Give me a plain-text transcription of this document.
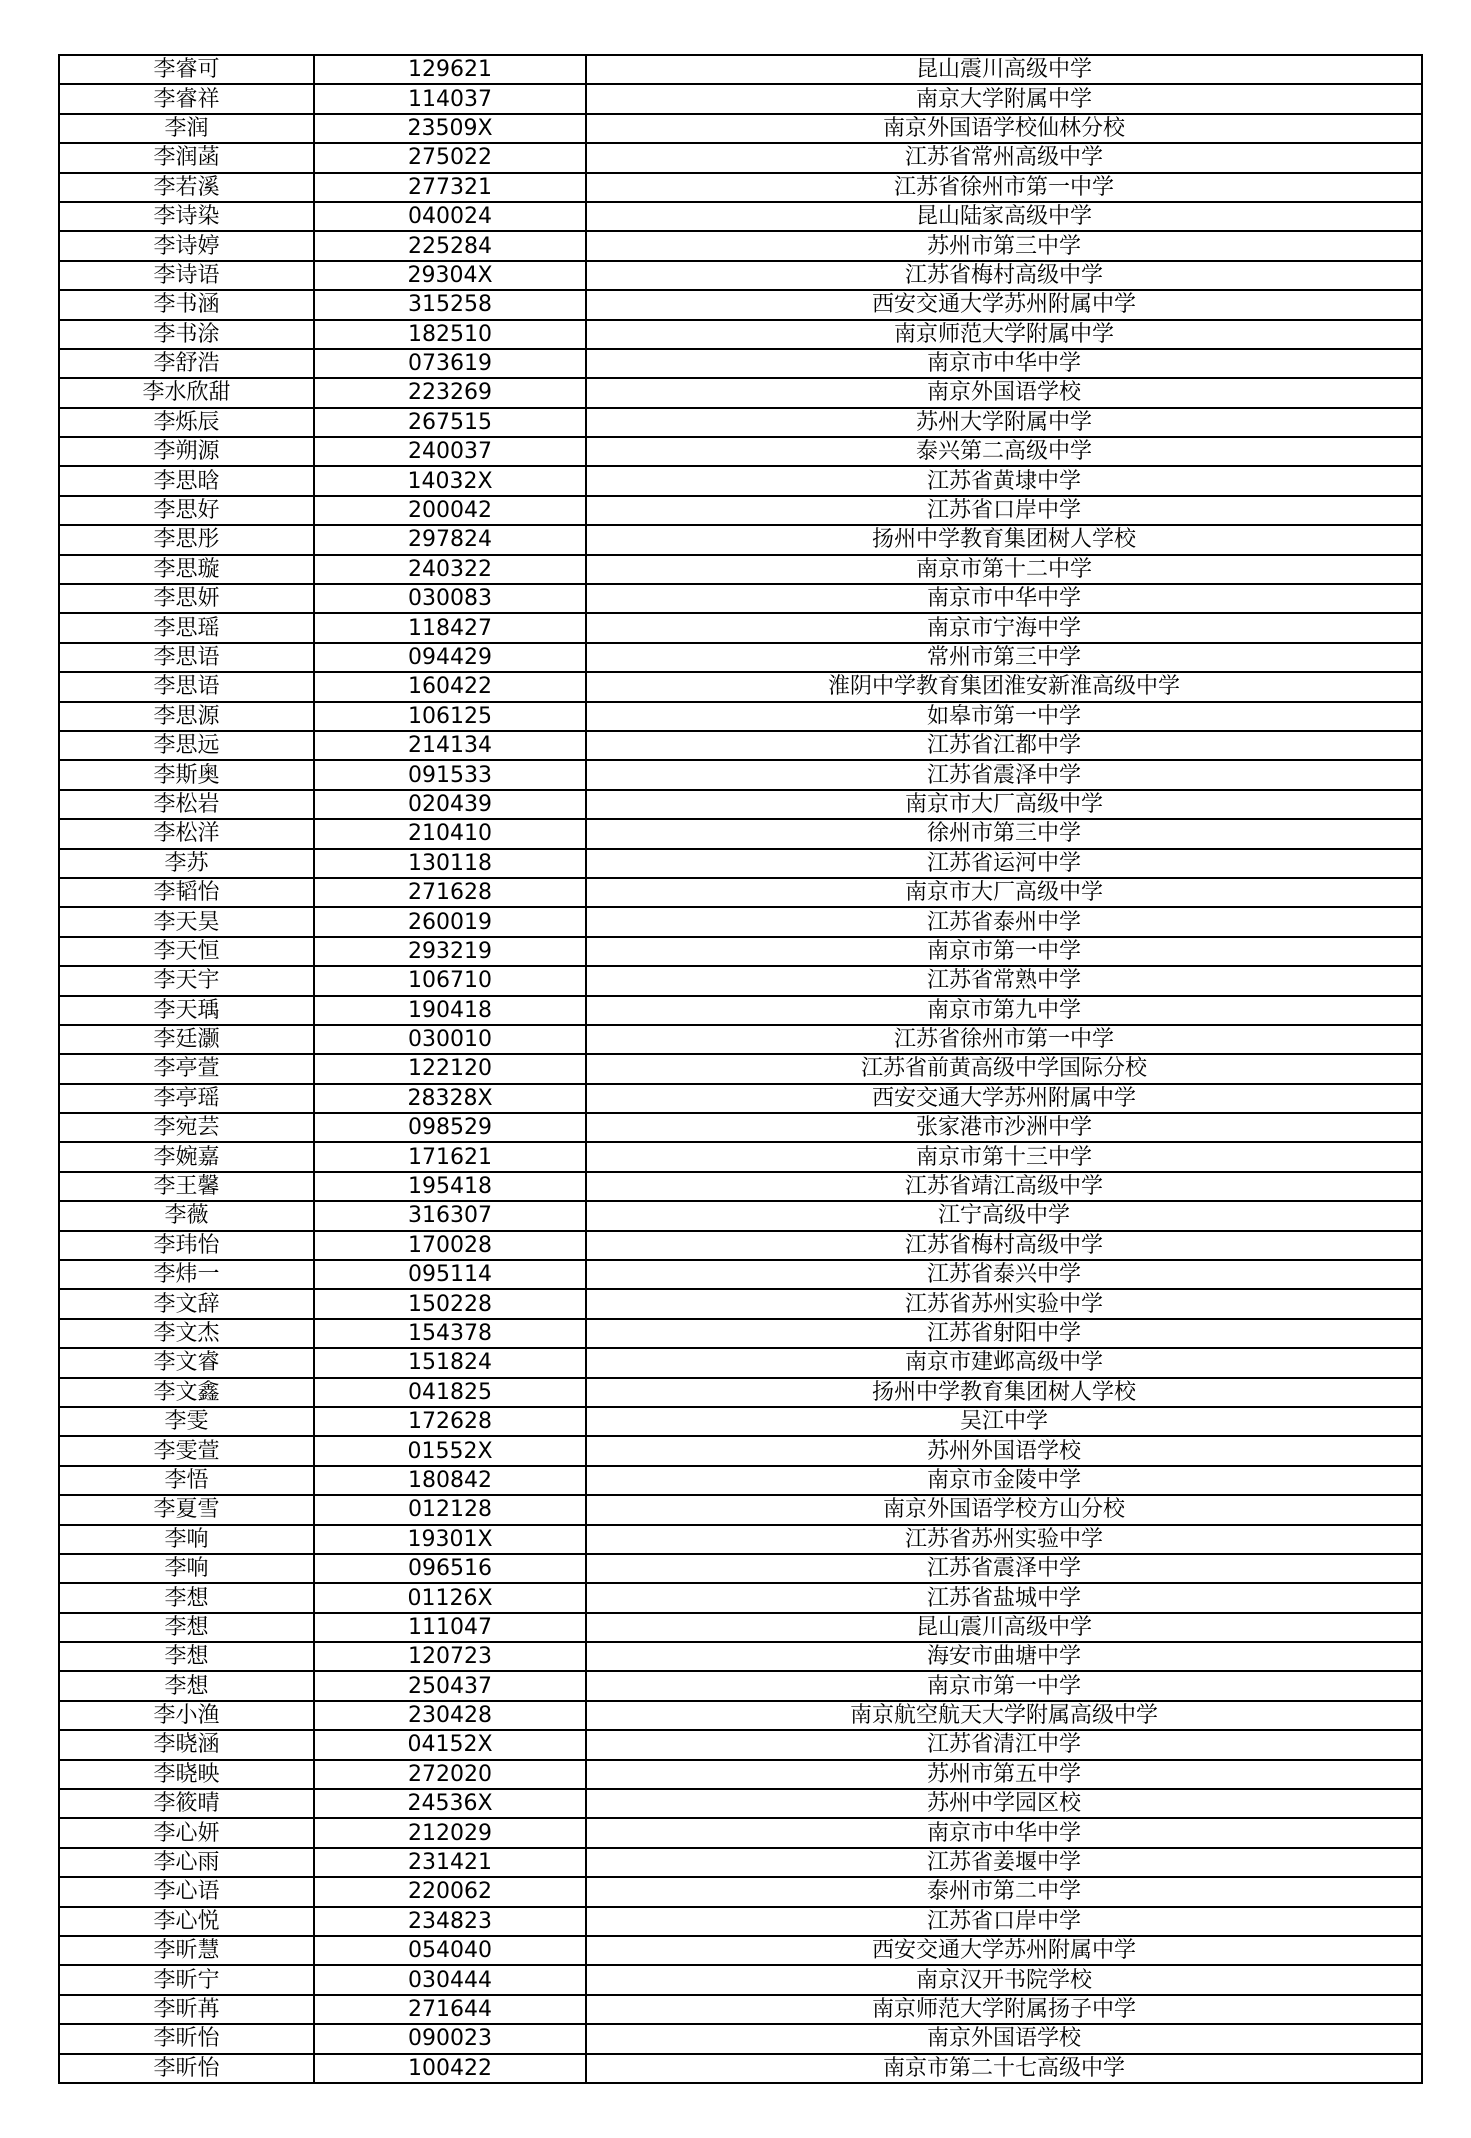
李睿可	129621	昆山震川高级中学
李睿祥	114037	南京大学附属中学
李润	23509X	南京外国语学校仙林分校
李润菡	275022	江苏省常州高级中学
李若溪	277321	江苏省徐州市第一中学
李诗染	040024	昆山陆家高级中学
李诗婷	225284	苏州市第三中学
李诗语	29304X	江苏省梅村高级中学
李书涵	315258	西安交通大学苏州附属中学
李书涂	182510	南京师范大学附属中学
李舒浩	073619	南京市中华中学
李水欣甜	223269	南京外国语学校
李烁辰	267515	苏州大学附属中学
李朔源	240037	泰兴第二高级中学
李思晗	14032X	江苏省黄埭中学
李思好	200042	江苏省口岸中学
李思彤	297824	扬州中学教育集团树人学校
李思璇	240322	南京市第十二中学
李思妍	030083	南京市中华中学
李思瑶	118427	南京市宁海中学
李思语	094429	常州市第三中学
李思语	160422	淮阴中学教育集团淮安新淮高级中学
李思源	106125	如皋市第一中学
李思远	214134	江苏省江都中学
李斯奥	091533	江苏省震泽中学
李松岩	020439	南京市大厂高级中学
李松洋	210410	徐州市第三中学
李苏	130118	江苏省运河中学
李韬怡	271628	南京市大厂高级中学
李天昊	260019	江苏省泰州中学
李天恒	293219	南京市第一中学
李天宇	106710	江苏省常熟中学
李天瑀	190418	南京市第九中学
李廷灏	030010	江苏省徐州市第一中学
李亭萱	122120	江苏省前黄高级中学国际分校
李亭瑶	28328X	西安交通大学苏州附属中学
李宛芸	098529	张家港市沙洲中学
李婉嘉	171621	南京市第十三中学
李王馨	195418	江苏省靖江高级中学
李薇	316307	江宁高级中学
李玮怡	170028	江苏省梅村高级中学
李炜一	095114	江苏省泰兴中学
李文辞	150228	江苏省苏州实验中学
李文杰	154378	江苏省射阳中学
李文睿	151824	南京市建邺高级中学
李文鑫	041825	扬州中学教育集团树人学校
李雯	172628	吴江中学
李雯萱	01552X	苏州外国语学校
李悟	180842	南京市金陵中学
李夏雪	012128	南京外国语学校方山分校
李响	19301X	江苏省苏州实验中学
李响	096516	江苏省震泽中学
李想	01126X	江苏省盐城中学
李想	111047	昆山震川高级中学
李想	120723	海安市曲塘中学
李想	250437	南京市第一中学
李小渔	230428	南京航空航天大学附属高级中学
李晓涵	04152X	江苏省清江中学
李晓映	272020	苏州市第五中学
李筱晴	24536X	苏州中学园区校
李心妍	212029	南京市中华中学
李心雨	231421	江苏省姜堰中学
李心语	220062	泰州市第二中学
李心悦	234823	江苏省口岸中学
李昕慧	054040	西安交通大学苏州附属中学
李昕宁	030444	南京汉开书院学校
李昕苒	271644	南京师范大学附属扬子中学
李昕怡	090023	南京外国语学校
李昕怡	100422	南京市第二十七高级中学
